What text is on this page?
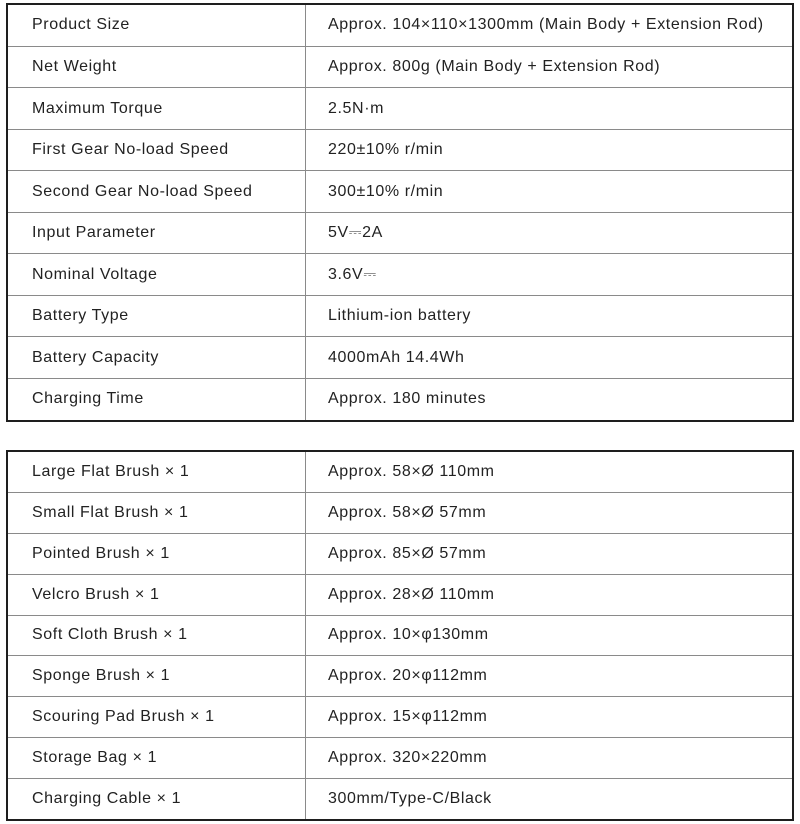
Product Size	Approx. 104×110×1300mm (Main Body + Extension Rod)
Net Weight	Approx. 800g (Main Body + Extension Rod)
Maximum Torque	2.5N·m
First Gear No-load Speed	220±10% r/min
Second Gear No-load Speed	300±10% r/min
Input Parameter	5V⎓2A
Nominal Voltage	3.6V⎓
Battery Type	Lithium-ion battery
Battery Capacity	4000mAh 14.4Wh
Charging Time	Approx. 180 minutes
Large Flat Brush × 1	Approx. 58×Ø 110mm
Small Flat Brush × 1	Approx. 58×Ø 57mm
Pointed Brush × 1	Approx. 85×Ø 57mm
Velcro Brush × 1	Approx. 28×Ø 110mm
Soft Cloth Brush × 1	Approx. 10×φ130mm
Sponge Brush × 1	Approx. 20×φ112mm
Scouring Pad Brush × 1	Approx. 15×φ112mm
Storage Bag × 1	Approx. 320×220mm
Charging Cable × 1	300mm/Type-C/Black
